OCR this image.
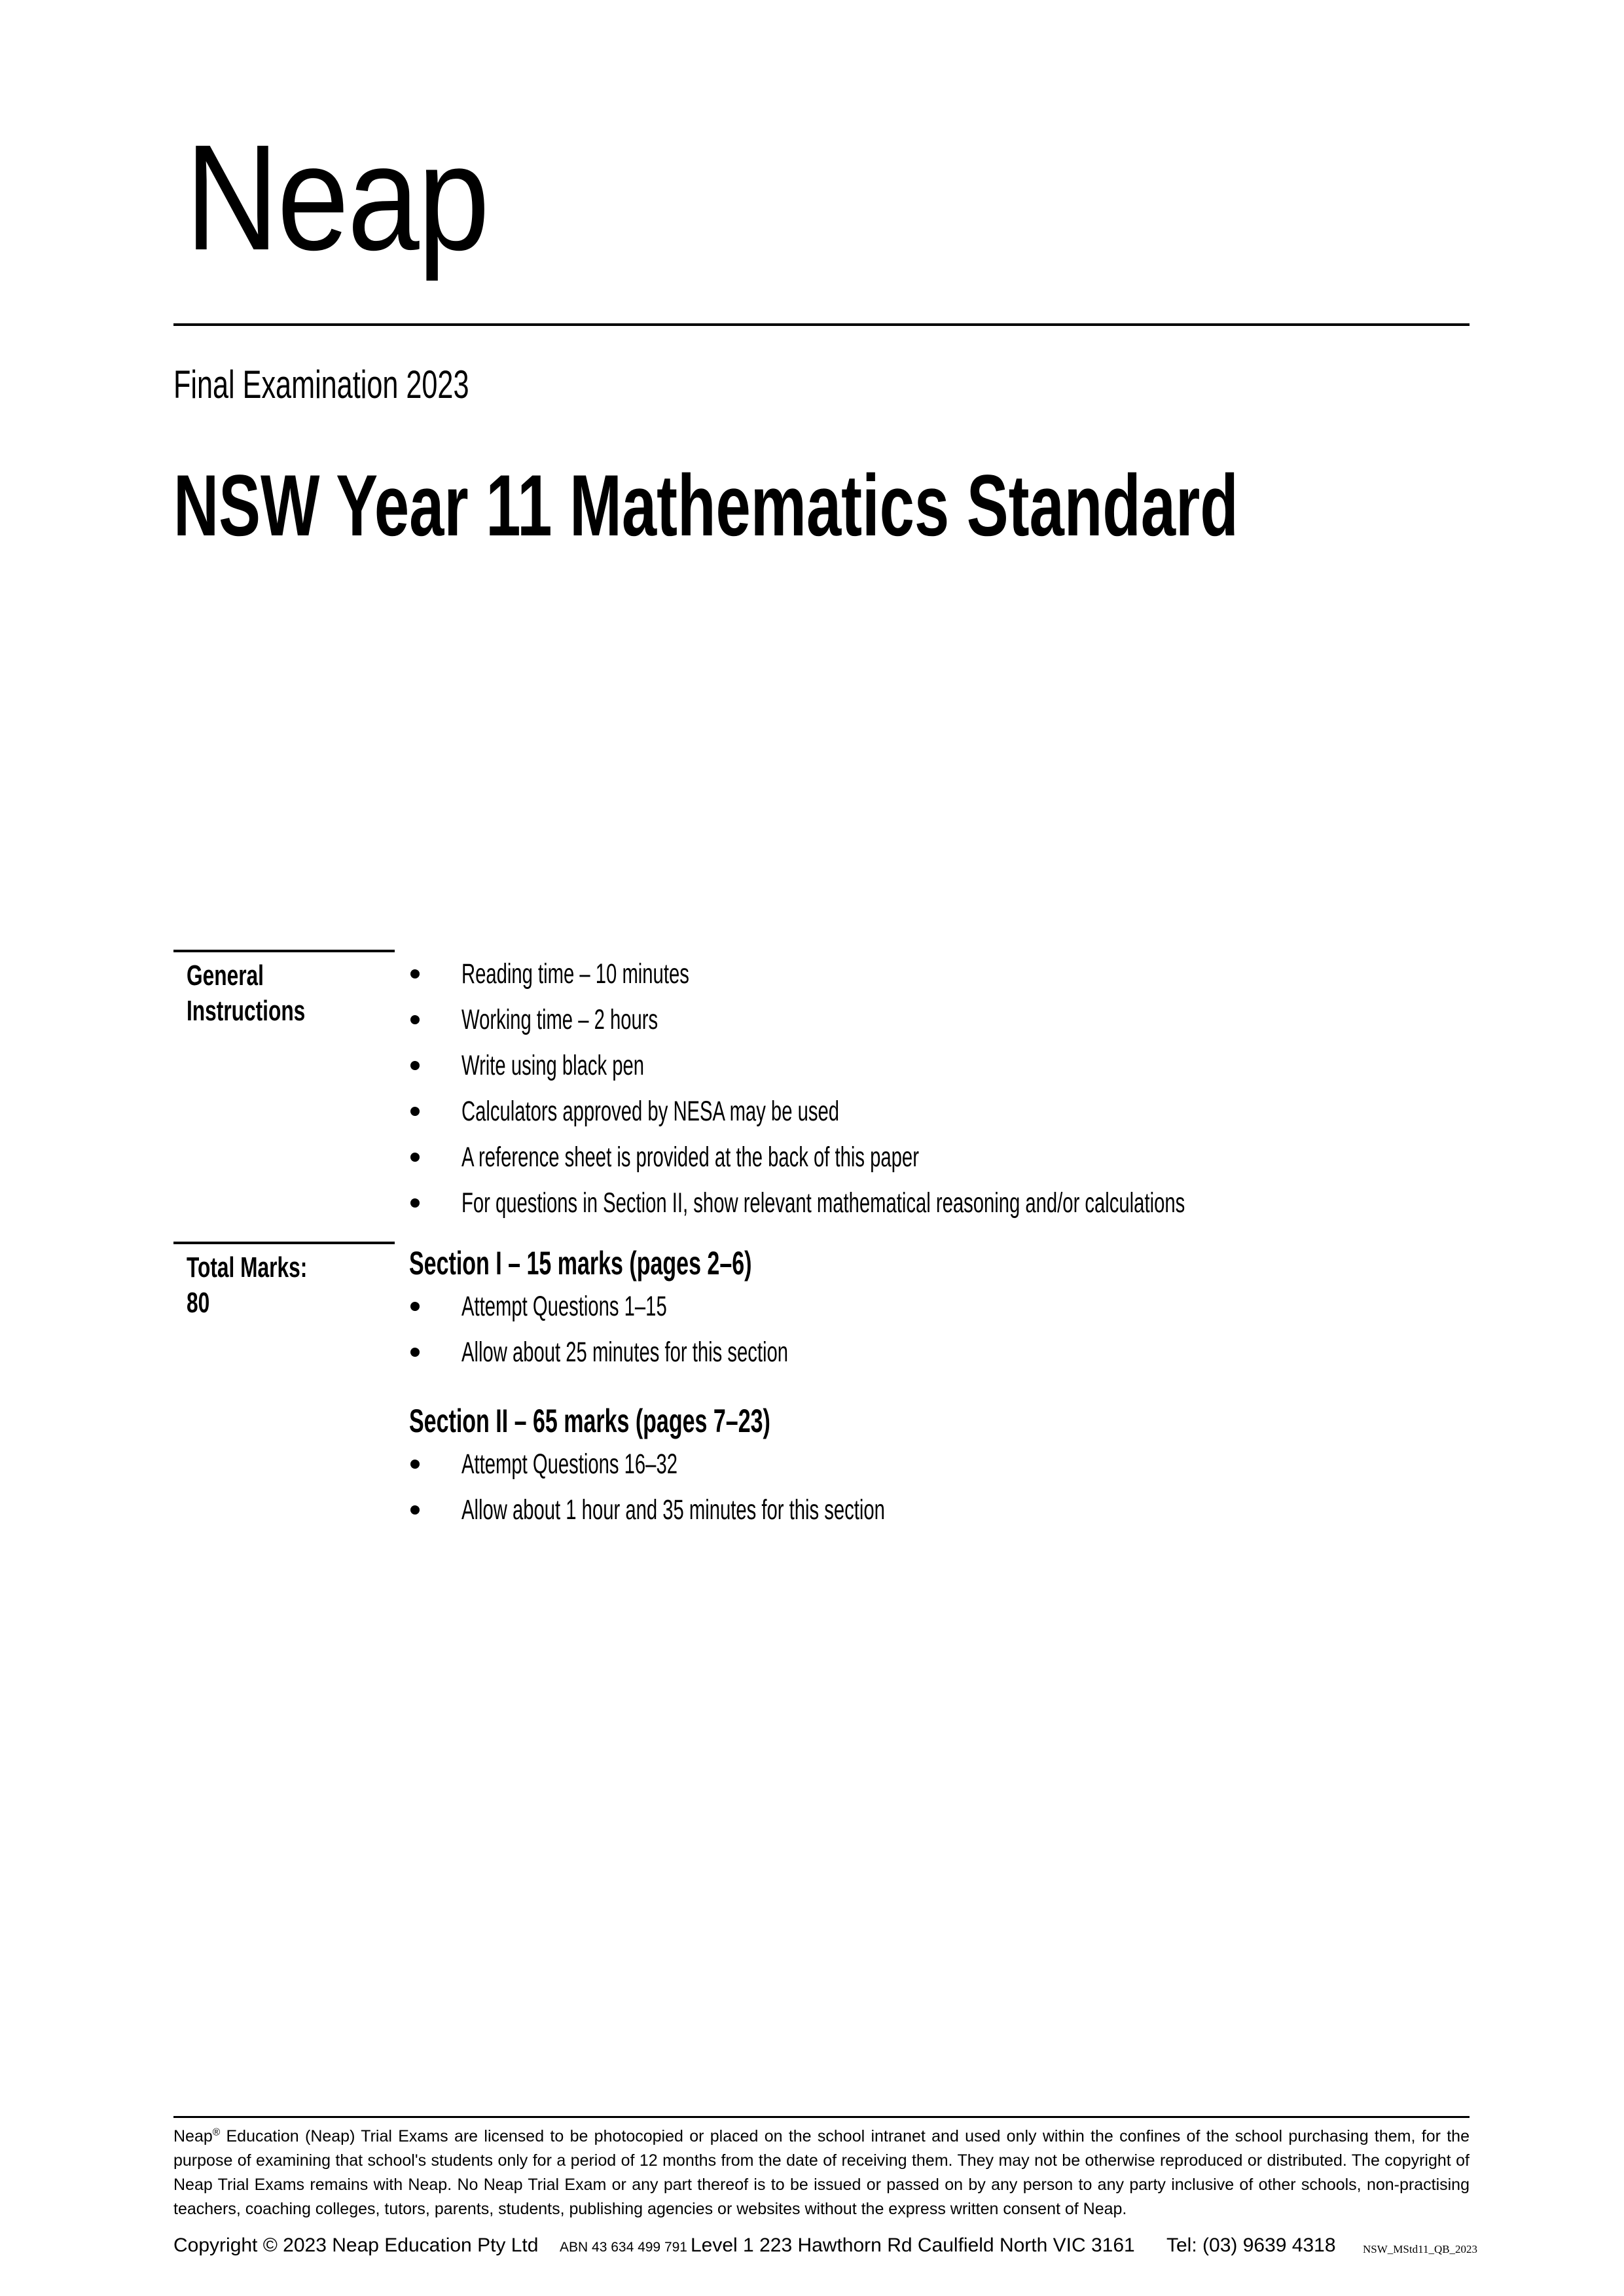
Neap
Final Examination 2023
NSW Year 11 Mathematics Standard
General
Instructions
Reading time – 10 minutes
Working time – 2 hours
Write using black pen
Calculators approved by NESA may be used
A reference sheet is provided at the back of this paper
For questions in Section II, show relevant mathematical reasoning and/or calculations
Total Marks:
80
Section I – 15 marks (pages 2–6)
Attempt Questions 1–15
Allow about 25 minutes for this section
Section II – 65 marks (pages 7–23)
Attempt Questions 16–32
Allow about 1 hour and 35 minutes for this section

Neap® Education (Neap) Trial Exams are licensed to be photocopied or placed on the school intranet and used only within the confines of the school purchasing them, for the purpose of examining that school's students only for a period of 12 months from the date of receiving them. They may not be otherwise reproduced or distributed. The copyright of Neap Trial Exams remains with Neap. No Neap Trial Exam or any part thereof is to be issued or passed on by any person to any party inclusive of other schools, non-practising teachers, coaching colleges, tutors, parents, students, publishing agencies or websites without the express written consent of Neap.

Copyright © 2023 Neap Education Pty Ltd ABN 43 634 499 791 Level 1 223 Hawthorn Rd Caulfield North VIC 3161 Tel: (03) 9639 4318 NSW_MStd11_QB_2023
